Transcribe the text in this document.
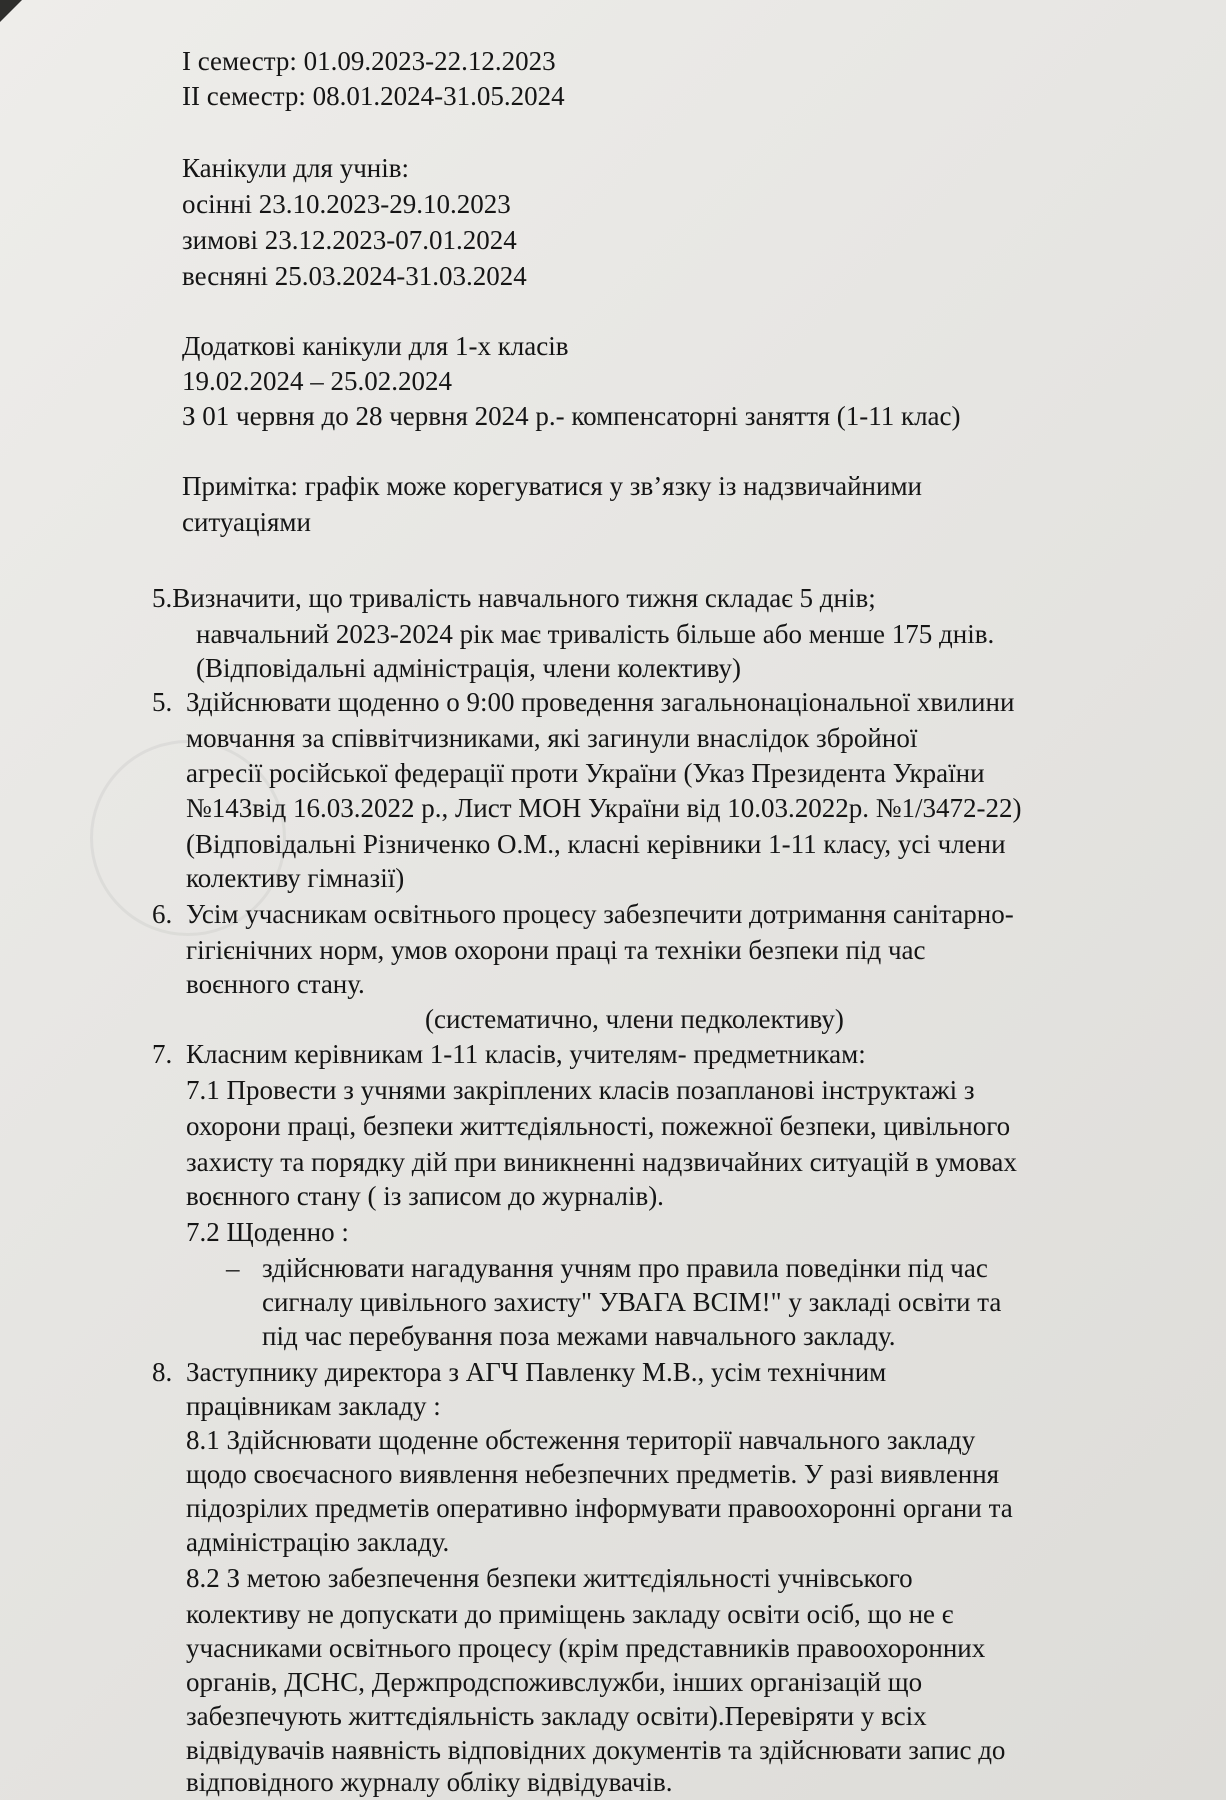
І семестр: 01.09.2023-22.12.2023
ІІ семестр: 08.01.2024-31.05.2024
Канікули для учнів:
осінні 23.10.2023-29.10.2023
зимові 23.12.2023-07.01.2024
весняні 25.03.2024-31.03.2024
Додаткові канікули для 1-х класів
19.02.2024 – 25.02.2024
З 01 червня до 28 червня 2024 р.- компенсаторні заняття (1-11 клас)
Примітка: графік може корегуватися у зв’язку із надзвичайними
ситуаціями
5.Визначити, що тривалість навчального тижня складає 5 днів;
навчальний 2023-2024 рік має тривалість більше або менше 175 днів.
(Відповідальні адміністрація, члени колективу)
5. Здійснювати щоденно о 9:00 проведення загальнонаціональної хвилини
мовчання за співвітчизниками, які загинули внаслідок збройної
агресії російської федерації проти України (Указ Президента України
№143від 16.03.2022 р., Лист МОН України від 10.03.2022р. №1/3472-22)
(Відповідальні Різниченко О.М., класні керівники 1-11 класу, усі члени
колективу гімназії)
6. Усім учасникам освітнього процесу забезпечити дотримання санітарно-
гігієнічних норм, умов охорони праці та техніки безпеки під час
воєнного стану.
(систематично, члени педколективу)
7. Класним керівникам 1-11 класів, учителям- предметникам:
7.1 Провести з учнями закріплених класів позапланові інструктажі з
охорони праці, безпеки життєдіяльності, пожежної безпеки, цивільного
захисту та порядку дій при виникненні надзвичайних ситуацій в умовах
воєнного стану ( із записом до журналів).
7.2 Щоденно :
– здійснювати нагадування учням про правила поведінки під час
сигналу цивільного захисту" УВАГА ВСІМ!" у закладі освіти та
під час перебування поза межами навчального закладу.
8. Заступнику директора з АГЧ Павленку М.В., усім технічним
працівникам закладу :
8.1 Здійснювати щоденне обстеження території навчального закладу
щодо своєчасного виявлення небезпечних предметів. У разі виявлення
підозрілих предметів оперативно інформувати правоохоронні органи та
адміністрацію закладу.
8.2 З метою забезпечення безпеки життєдіяльності учнівського
колективу не допускати до приміщень закладу освіти осіб, що не є
учасниками освітнього процесу (крім представників правоохоронних
органів, ДСНС, Держпродспоживслужби, інших організацій що
забезпечують життєдіяльність закладу освіти).Перевіряти у всіх
відвідувачів наявність відповідних документів та здійснювати запис до
відповідного журналу обліку відвідувачів.
